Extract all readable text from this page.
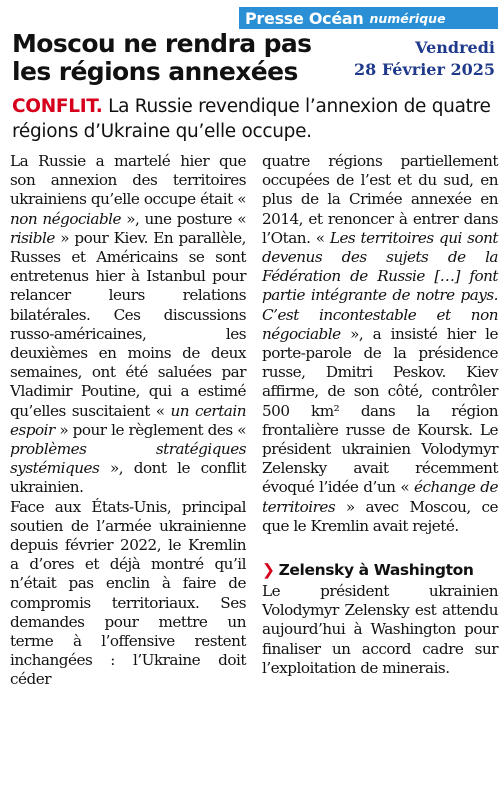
Presse Océan numérique
Moscou ne rendra pas
les régions annexées
Vendredi
28 Février 2025
CONFLIT. La Russie revendique l’annexion de quatre régions d’Ukraine qu’elle occupe.

La Russie a martelé hier que son annexion des territoires ukrainiens qu’elle occupe était « non négociable », une posture « risible » pour Kiev. En parallèle, Russes et Américains se sont entretenus hier à Istanbul pour relancer leurs relations bilatérales. Ces discussions russo-américaines, les deuxièmes en moins de deux semaines, ont été saluées par Vladimir Poutine, qui a estimé qu’elles suscitaient « un certain espoir » pour le règlement des « problèmes stratégiques systémiques », dont le conflit ukrainien.

Face aux États-Unis, principal soutien de l’armée ukrainienne depuis février 2022, le Kremlin a d’ores et déjà montré qu’il n’était pas enclin à faire de compromis territoriaux. Ses demandes pour mettre un terme à l’offensive restent inchangées : l’Ukraine doit céder

quatre régions partiellement occupées de l’est et du sud, en plus de la Crimée annexée en 2014, et renoncer à entrer dans l’Otan. « Les territoires qui sont devenus des sujets de la Fédération de Russie […] font partie intégrante de notre pays. C’est incontestable et non négociable », a insisté hier le porte-parole de la présidence russe, Dmitri Peskov. Kiev affirme, de son côté, contrôler 500 km² dans la région frontalière russe de Koursk. Le président ukrainien Volodymyr Zelensky avait récemment évoqué l’idée d’un « échange de territoires » avec Moscou, ce que le Kremlin avait rejeté.

❯ Zelensky à Washington

Le président ukrainien Volodymyr Zelensky est attendu aujourd’hui à Washington pour finaliser un accord cadre sur l’exploitation de minerais.
